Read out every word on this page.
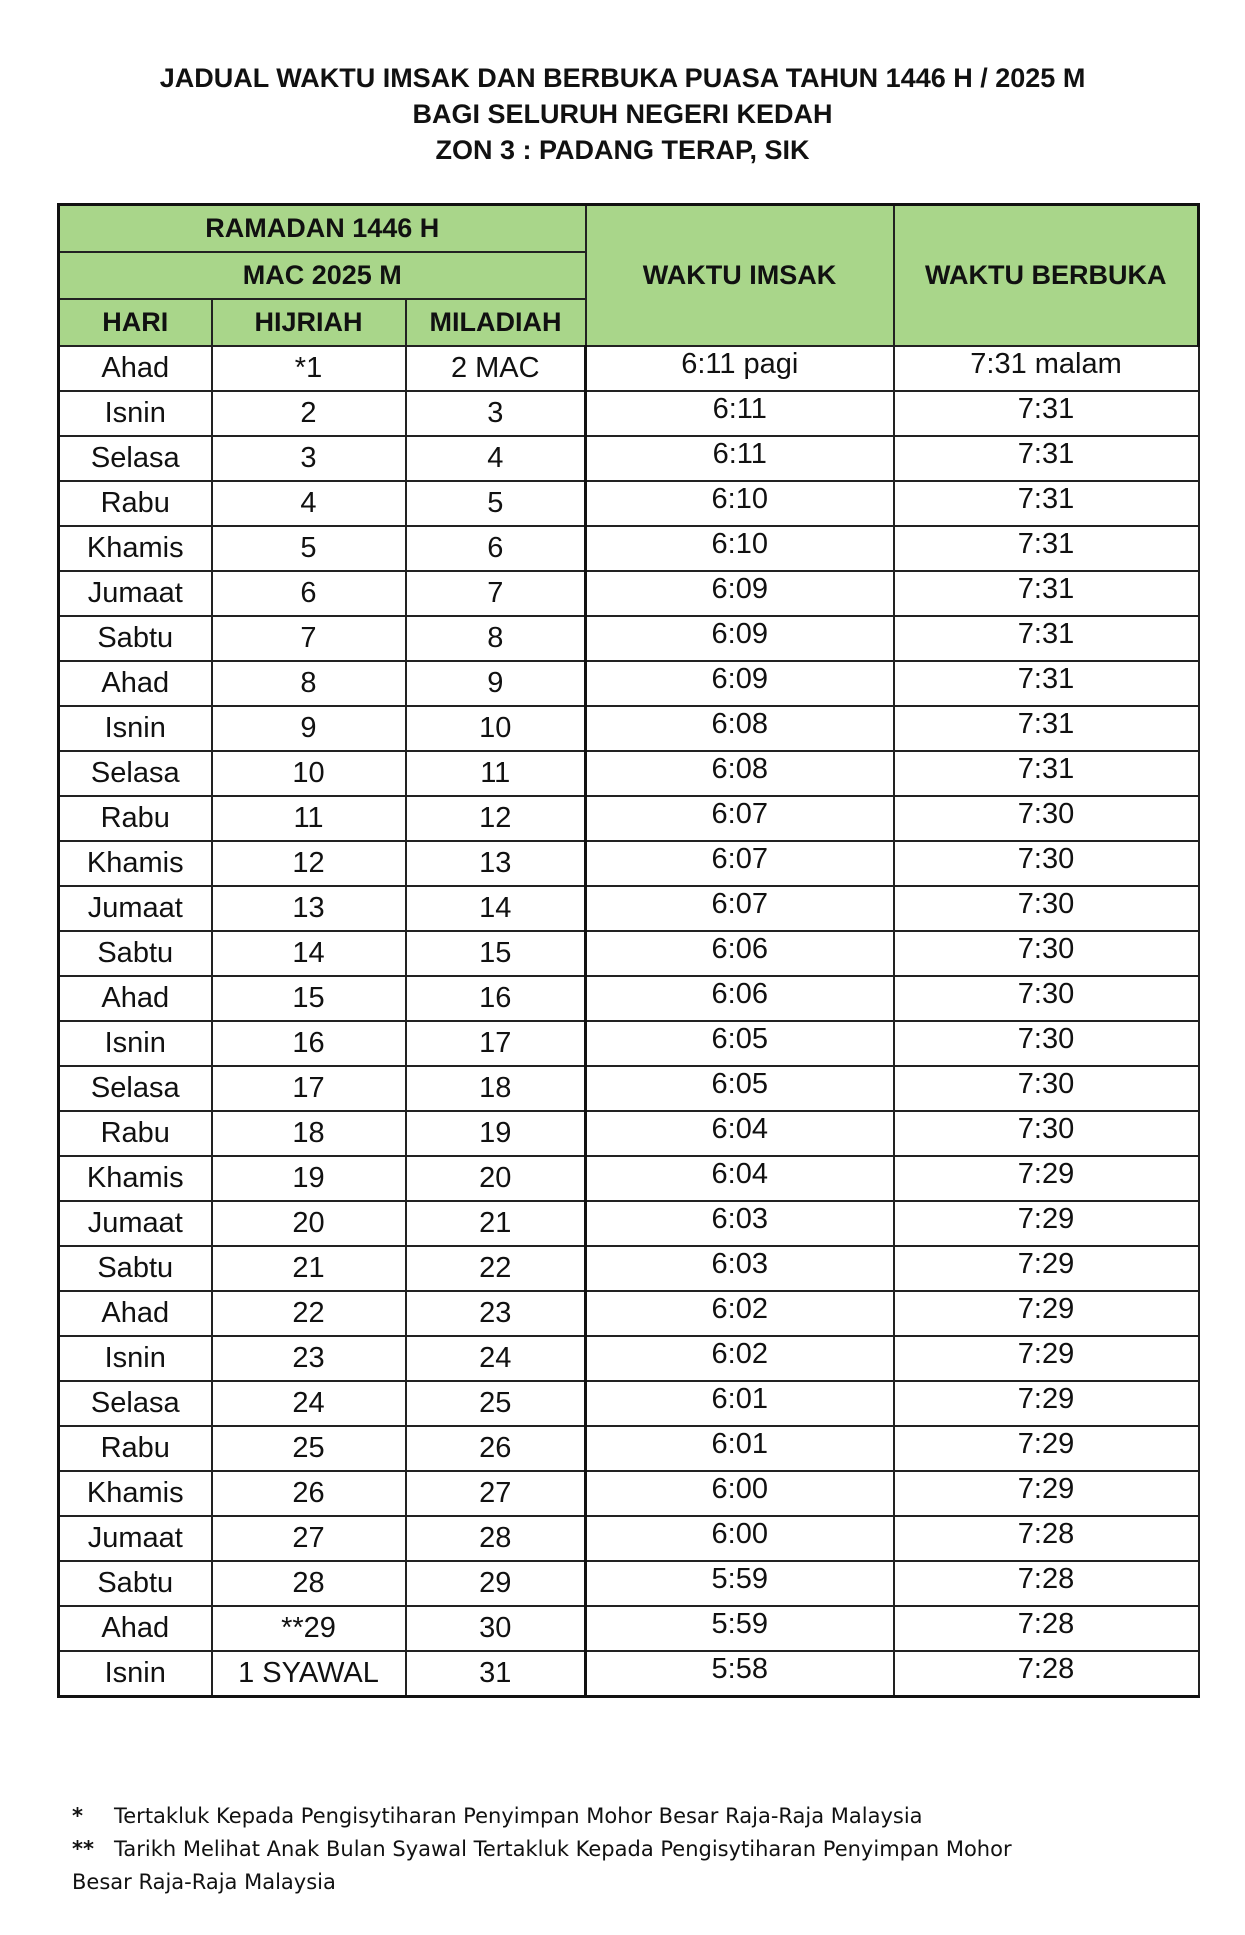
JADUAL WAKTU IMSAK DAN BERBUKA PUASA TAHUN 1446 H / 2025 M
BAGI SELURUH NEGERI KEDAH
ZON 3 : PADANG TERAP, SIK
RAMADAN 1446 H			WAKTU IMSAK	WAKTU BERBUKA
MAC 2025 M				
HARI	HIJRIAH	MILADIAH		
Ahad	*1	2 MAC	6:11 pagi	7:31 malam
Isnin	2	3	6:11	7:31
Selasa	3	4	6:11	7:31
Rabu	4	5	6:10	7:31
Khamis	5	6	6:10	7:31
Jumaat	6	7	6:09	7:31
Sabtu	7	8	6:09	7:31
Ahad	8	9	6:09	7:31
Isnin	9	10	6:08	7:31
Selasa	10	11	6:08	7:31
Rabu	11	12	6:07	7:30
Khamis	12	13	6:07	7:30
Jumaat	13	14	6:07	7:30
Sabtu	14	15	6:06	7:30
Ahad	15	16	6:06	7:30
Isnin	16	17	6:05	7:30
Selasa	17	18	6:05	7:30
Rabu	18	19	6:04	7:30
Khamis	19	20	6:04	7:29
Jumaat	20	21	6:03	7:29
Sabtu	21	22	6:03	7:29
Ahad	22	23	6:02	7:29
Isnin	23	24	6:02	7:29
Selasa	24	25	6:01	7:29
Rabu	25	26	6:01	7:29
Khamis	26	27	6:00	7:29
Jumaat	27	28	6:00	7:28
Sabtu	28	29	5:59	7:28
Ahad	**29	30	5:59	7:28
Isnin	1 SYAWAL	31	5:58	7:28
* Tertakluk Kepada Pengisytiharan Penyimpan Mohor Besar Raja-Raja Malaysia
** Tarikh Melihat Anak Bulan Syawal Tertakluk Kepada Pengisytiharan Penyimpan Mohor
Besar Raja-Raja Malaysia
